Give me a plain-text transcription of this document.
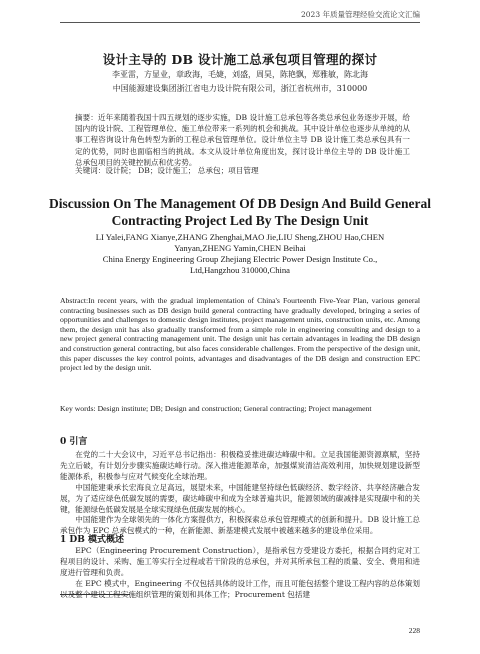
2023 年质量管理经验交流论文汇编
设计主导的 DB 设计施工总承包项目管理的探讨
李亚雷，方显业，章政海，毛婕，刘盛，周昊，陈艳飘，郑雅敏，陈北海
中国能源建设集团浙江省电力设计院有限公司，浙江省杭州市，310000
摘要：近年来随着我国十四五规划的逐步实施，DB 设计施工总承包等各类总承包业务逐步开展，给国内的设计院、工程管理单位、施工单位带来一系列的机会和挑战。其中设计单位也逐步从单纯的从事工程咨询设计角色转型为新的工程总承包管理单位。设计单位主导 DB 设计施工类总承包具有一定的优势，同时也面临相当的挑战。本文从设计单位角度出发，探讨设计单位主导的 DB 设计施工总承包项目的关键控制点和优劣势。
关键词：设计院； DB；设计施工； 总承包；项目管理
Discussion On The Management Of DB Design And Build General Contracting Project Led By The Design Unit
LI Yalei,FANG Xianye,ZHANG Zhenghai,MAO Jie,LIU Sheng,ZHOU Hao,CHEN Yanyan,ZHENG Yamin,CHEN Beihai
China Energy Engineering Group Zhejiang Electric Power Design Institute Co., Ltd,Hangzhou 310000,China
Abstract:In recent years, with the gradual implementation of China's Fourteenth Five-Year Plan, various general contracting businesses such as DB design build general contracting have gradually developed, bringing a series of opportunities and challenges to domestic design institutes, project management units, construction units, etc. Among them, the design unit has also gradually transformed from a simple role in engineering consulting and design to a new project general contracting management unit. The design unit has certain advantages in leading the DB design and construction general contracting, but also faces considerable challenges. From the perspective of the design unit, this paper discusses the key control points, advantages and disadvantages of the DB design and construction EPC project led by the design unit.
Key words: Design institute; DB; Design and construction; General contracting; Project management
0 引言

在党的二十大会议中，习近平总书记指出：积极稳妥推进碳达峰碳中和。立足我国能源资源禀赋，坚持先立后破，有计划分步骤实施碳达峰行动。深入推进能源革命，加强煤炭清洁高效利用，加快规划建设新型能源体系，积极参与应对气候变化全球治理。

中国能建秉承长宏海良立足高远，展望未来，中国能建坚持绿色低碳经济、数字经济、共享经济融合发展，为了适应绿色低碳发展的需要，碳达峰碳中和成为全球普遍共识，能源领域的碳减排是实现碳中和的关键，能源绿色低碳发展是全球实现绿色低碳发展的核心。

中国能建作为全球领先的一体化方案提供方，积极探索总承包管理模式的创新和提升。DB 设计施工总承包作为 EPC 总承包模式的一种，在新能源、新基建模式发展中被越来越多的建设单位采用。

1 DB 模式概述

EPC（Engineering Procurement Construction），是指承包方受建设方委托，根据合同约定对工程项目的设计、采购、施工等实行全过程或若干阶段的总承包，并对其所承包工程的质量、安全、费用和进度进行管理和负责。

在 EPC 模式中，Engineering 不仅包括具体的设计工作，而且可能包括整个建设工程内容的总体策划以及整个建设工程实施组织管理的策划和具体工作；Procurement 包括建

228
